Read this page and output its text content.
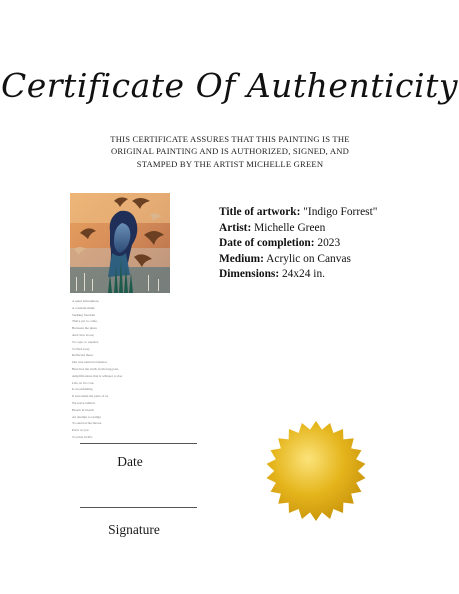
Certificate Of Authenticity
THIS CERTIFICATE ASSURES THAT THIS PAINTING IS THE
ORIGINAL PAINTING AND IS AUTHORIZED, SIGNED, AND
STAMPED BY THE ARTIST MICHELLE GREEN
A quiet atmosphere,
A constant mind,
Seeking freedom
That's yet to come,
Between the pines
And river stood,
To cope, to expand,
To find away
Reflected there,
Our true natural existence
Here lies the truth, from long past,
Amplifications that is whisper to rise
Life, in it's core,
Is an unfolding
It surrounds the parts of us
We leave behind
Hearts in bloom
An attempt to realign
To stand at the throne
Put it at you
To relax in life.
Title of artwork: "Indigo Forrest"
Artist: Michelle Green
Date of completion: 2023
Medium: Acrylic on Canvas
Dimensions: 24x24 in.
Date
Signature
